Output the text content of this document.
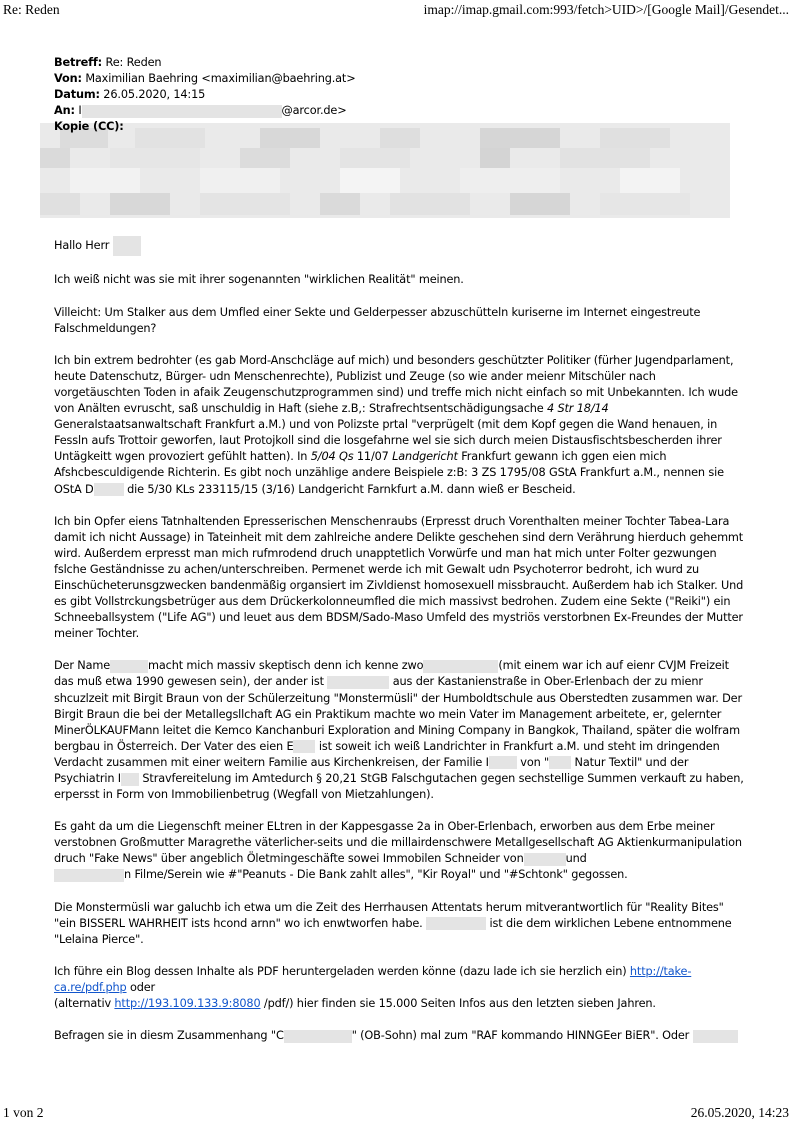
Re: Reden	imap://imap.gmail.com:993/fetch>UID>/[Google Mail]/Gesendet...
Betreff: Re: Reden
Von: Maximilian Baehring <maximilian@baehring.at>
Datum: 26.05.2020, 14:15
An: I	@arcor.de>
Kopie (CC):

Hallo Herr

Ich weiß nicht was sie mit ihrer sogenannten "wirklichen Realität" meinen.

Villeicht: Um Stalker aus dem Umfled einer Sekte und Gelderpesser abzuschütteln kuriserne im Internet eingestreute Falschmeldungen?

Ich bin extrem bedrohter (es gab Mord-Anschcläge auf mich) und besonders geschützter Politiker (fürher Jugendparlament, heute Datenschutz, Bürger- udn Menschenrechte), Publizist und Zeuge (so wie ander meienr Mitschüler nach vorgetäuschten Toden in afaik Zeugenschutzprogrammen sind) und treffe mich nicht einfach so mit Unbekannten. Ich wude von Anälten evruscht, saß unschuldig in Haft (siehe z.B,: Strafrechtsentschädigungsache 4 Str 18/14 Generalstaatsanwaltschaft Frankfurt a.M.) und von Polizste prtal "verprügelt (mit dem Kopf gegen die Wand henauen, in Fessln aufs Trottoir geworfen, laut Protojkoll sind die losgefahrne wel sie sich durch meien Distausfischtsbescherden ihrer Untägkeitt wgen provoziert gefühlt hatten). In 5/04 Qs 11/07 Landgericht Frankfurt gewann ich ggen eien mich Afshcbesculdigende Richterin. Es gibt noch unzählige andere Beispiele z:B: 3 ZS 1795/08 GStA Frankfurt a.M., nennen sie OStA D	die 5/30 KLs 233115/15 (3/16) Landgericht Farnkfurt a.M. dann wieß er Bescheid.

Ich bin Opfer eiens Tatnhaltenden Epresserischen Menschenraubs (Erpresst druch Vorenthalten meiner Tochter Tabea-Lara damit ich nicht Aussage) in Tateinheit mit dem zahlreiche andere Delikte geschehen sind dern Verährung hierduch gehemmt wird. Außerdem erpresst man mich rufmrodend druch unapptetlich Vorwürfe und man hat mich unter Folter gezwungen fslche Geständnisse zu achen/unterschreiben. Permenet werde ich mit Gewalt udn Psychoterror bedroht, ich wurd zu Einschücheterunsgzwecken bandenmäßig organsiert im Zivldienst homosexuell missbraucht. Außerdem hab ich Stalker. Und es gibt Vollstrckungsbetrüger aus dem Drückerkolonneumfled die mich massivst bedrohen. Zudem eine Sekte ("Reiki") ein Schneeballsystem ("Life AG") und leuet aus dem BDSM/Sado-Maso Umfeld des mystriös verstorbnen Ex-Freundes der Mutter meiner Tochter.

Der Name	macht mich massiv skeptisch denn ich kenne zwo	(mit einem war ich auf eienr CVJM Freizeit das muß etwa 1990 gewesen sein), der ander ist	aus der Kastanienstraße in Ober-Erlenbach der zu mienr shcuzlzeit mit Birgit Braun von der Schülerzeitung "Monstermüsli" der Humboldtschule aus Oberstedten zusammen war. Der Birgit Braun die bei der Metallegsllchaft AG ein Praktikum machte wo mein Vater im Management arbeitete, er, gelernter MinerÖLKAUFMann leitet die Kemco Kanchanburi Exploration and Mining Company in Bangkok, Thailand, später die wolfram bergbau in Österreich. Der Vater des eien E ist soweit ich weiß Landrichter in Frankfurt a.M. und steht im dringenden Verdacht zusammen mit einer weitern Familie aus Kirchenkreisen, der Familie I von " Natur Textil" und der Psychiatrin I Stravfereitelung im Amtedurch § 20,21 StGB Falschgutachen gegen sechstellige Summen verkauft zu haben, erpersst in Form von Immobilienbetrug (Wegfall von Mietzahlungen).

Es gaht da um die Liegenschft meiner ELtren in der Kappesgasse 2a in Ober-Erlenbach, erworben aus dem Erbe meiner verstobnen Großmutter Maragrethe väterlicher-seits und die millairdenschwere Metallgesellschaft AG Aktienkurmanipulation druch "Fake News" über angeblich Öletmingeschäfte sowei Immobilen Schneider von	und
n Filme/Serein wie #"Peanuts - Die Bank zahlt alles", "Kir Royal" und "#Schtonk" gegossen.

Die Monstermüsli war galuchb ich etwa um die Zeit des Herrhausen Attentats herum mitverantwortlich für "Reality Bites" "ein BISSERL WAHRHEIT ists hcond arnn" wo ich enwtworfen habe.	ist die dem wirklichen Lebene entnommene "Lelaina Pierce".

Ich führe ein Blog dessen Inhalte als PDF heruntergeladen werden könne (dazu lade ich sie herzlich ein) http://take-ca.re/pdf.php oder
(alternativ http://193.109.133.9:8080 /pdf/) hier finden sie 15.000 Seiten Infos aus den letzten sieben Jahren.

Befragen sie in diesm Zusammenhang "C	" (OB-Sohn) mal zum "RAF kommando HINNGEer BiER". Oder

1 von 2	26.05.2020, 14:23
